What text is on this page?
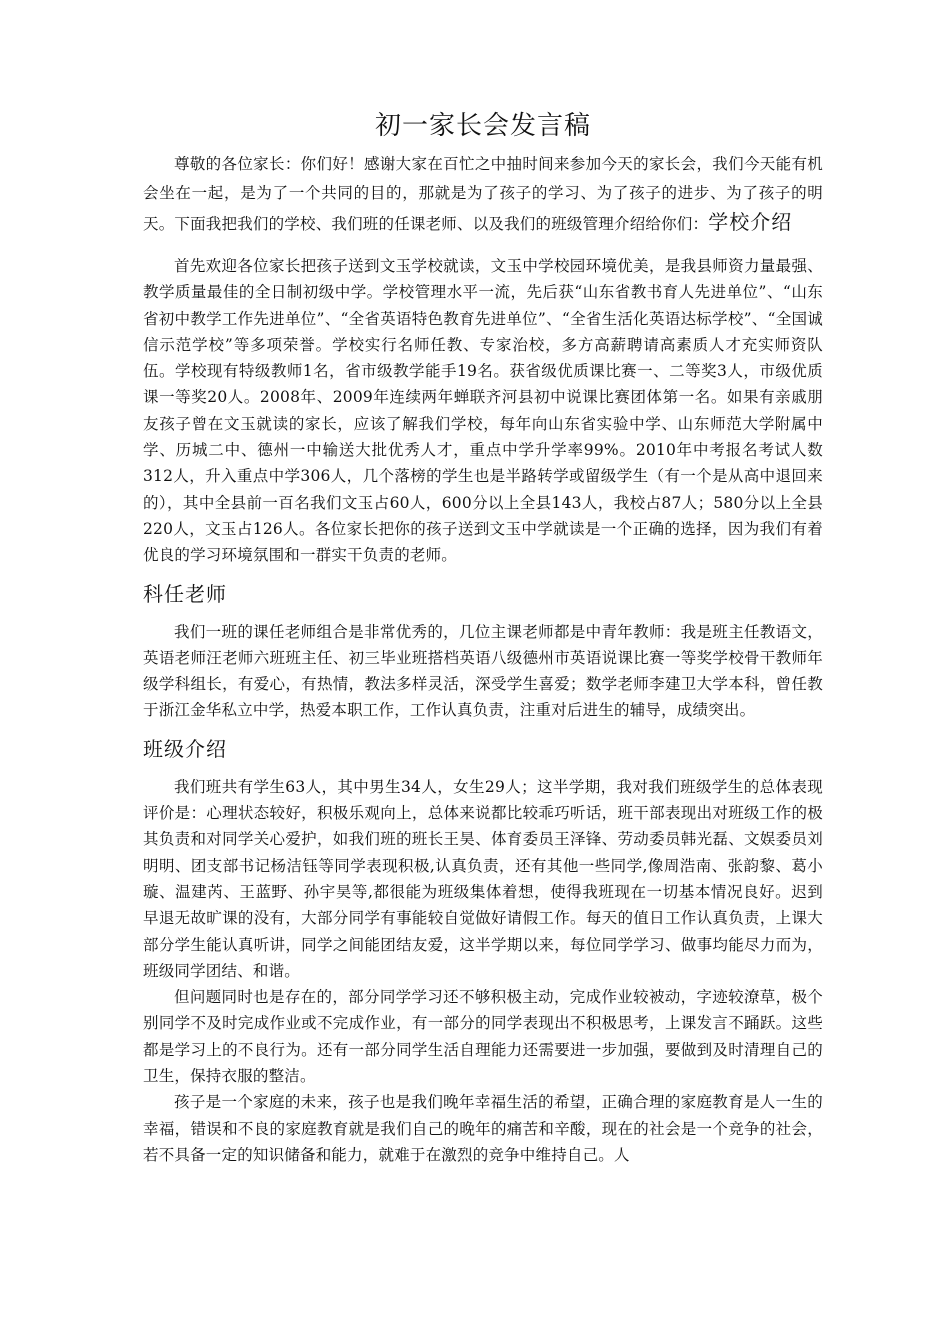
初一家长会发言稿

尊敬的各位家长：你们好！感谢大家在百忙之中抽时间来参加今天的家长会，我们今天能有机会坐在一起，是为了一个共同的目的，那就是为了孩子的学习、为了孩子的进步、为了孩子的明天。下面我把我们的学校、我们班的任课老师、以及我们的班级管理介绍给你们：学校介绍

首先欢迎各位家长把孩子送到文玉学校就读，文玉中学校园环境优美，是我县师资力量最强、教学质量最佳的全日制初级中学。学校管理水平一流，先后获“山东省教书育人先进单位”、“山东省初中教学工作先进单位”、“全省英语特色教育先进单位”、“全省生活化英语达标学校”、“全国诚信示范学校”等多项荣誉。学校实行名师任教、专家治校，多方高薪聘请高素质人才充实师资队伍。学校现有特级教师1名，省市级教学能手19名。获省级优质课比赛一、二等奖3人，市级优质课一等奖20人。2008年、2009年连续两年蝉联齐河县初中说课比赛团体第一名。如果有亲戚朋友孩子曾在文玉就读的家长，应该了解我们学校，每年向山东省实验中学、山东师范大学附属中学、历城二中、德州一中输送大批优秀人才，重点中学升学率99%。2010年中考报名考试人数312人，升入重点中学306人，几个落榜的学生也是半路转学或留级学生（有一个是从高中退回来的），其中全县前一百名我们文玉占60人，600分以上全县143人，我校占87人；580分以上全县220人，文玉占126人。各位家长把你的孩子送到文玉中学就读是一个正确的选择，因为我们有着优良的学习环境氛围和一群实干负责的老师。

科任老师

我们一班的课任老师组合是非常优秀的，几位主课老师都是中青年教师：我是班主任教语文，英语老师汪老师六班班主任、初三毕业班搭档英语八级德州市英语说课比赛一等奖学校骨干教师年级学科组长，有爱心，有热情，教法多样灵活，深受学生喜爱；数学老师李建卫大学本科，曾任教于浙江金华私立中学，热爱本职工作，工作认真负责，注重对后进生的辅导，成绩突出。

班级介绍

我们班共有学生63人，其中男生34人，女生29人；这半学期，我对我们班级学生的总体表现评价是：心理状态较好，积极乐观向上，总体来说都比较乖巧听话，班干部表现出对班级工作的极其负责和对同学关心爱护，如我们班的班长王昊、体育委员王泽锋、劳动委员韩光磊、文娱委员刘明明、团支部书记杨洁钰等同学表现积极,认真负责，还有其他一些同学,像周浩南、张韵黎、葛小璇、温建芮、王蓝野、孙宇昊等,都很能为班级集体着想，使得我班现在一切基本情况良好。迟到早退无故旷课的没有，大部分同学有事能较自觉做好请假工作。每天的值日工作认真负责，上课大部分学生能认真听讲，同学之间能团结友爱，这半学期以来，每位同学学习、做事均能尽力而为，班级同学团结、和谐。

但问题同时也是存在的，部分同学学习还不够积极主动，完成作业较被动，字迹较潦草，极个别同学不及时完成作业或不完成作业，有一部分的同学表现出不积极思考，上课发言不踊跃。这些都是学习上的不良行为。还有一部分同学生活自理能力还需要进一步加强，要做到及时清理自己的卫生，保持衣服的整洁。

孩子是一个家庭的未来，孩子也是我们晚年幸福生活的希望，正确合理的家庭教育是人一生的幸福，错误和不良的家庭教育就是我们自己的晚年的痛苦和辛酸，现在的社会是一个竞争的社会，若不具备一定的知识储备和能力，就难于在激烈的竞争中维持自己。人
